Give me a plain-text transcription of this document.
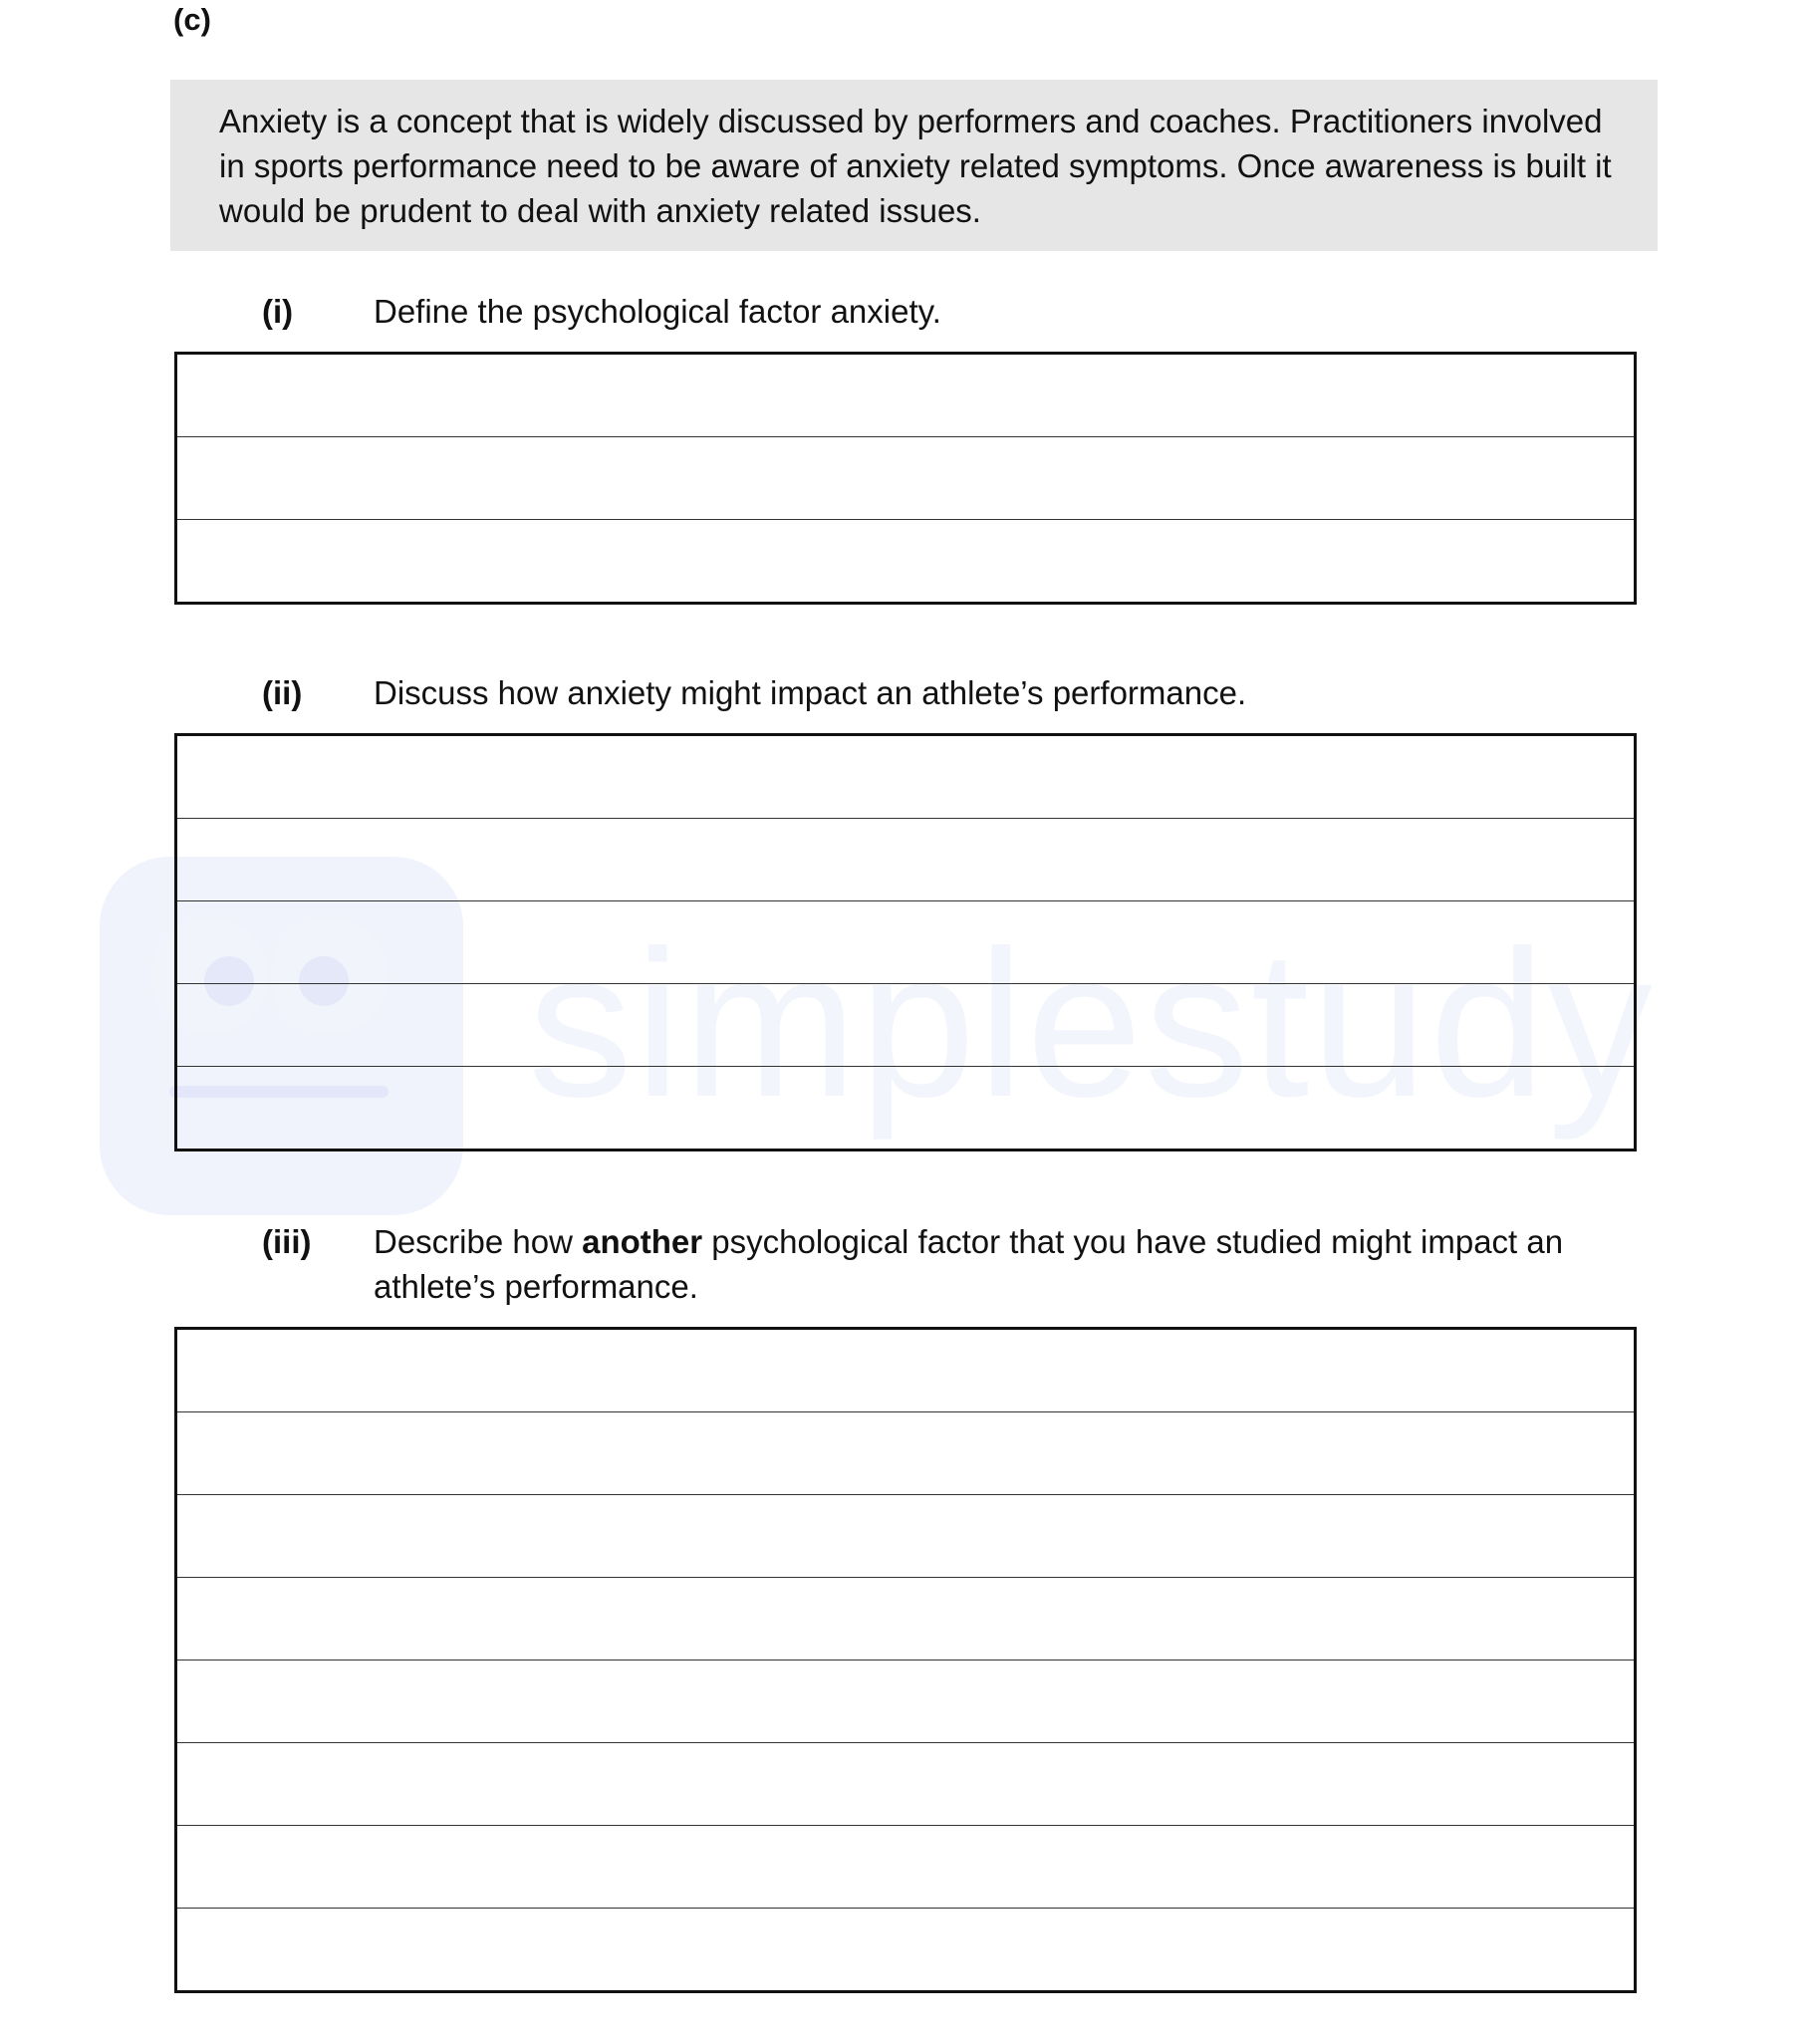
simplestudy
(c)
Anxiety is a concept that is widely discussed by performers and coaches. Practitioners involved in sports performance need to be aware of anxiety related symptoms. Once awareness is built it would be prudent to deal with anxiety related issues.
(i) Define the psychological factor anxiety.
(ii) Discuss how anxiety might impact an athlete’s performance.
(iii) Describe how another psychological factor that you have studied might impact an athlete’s performance.
